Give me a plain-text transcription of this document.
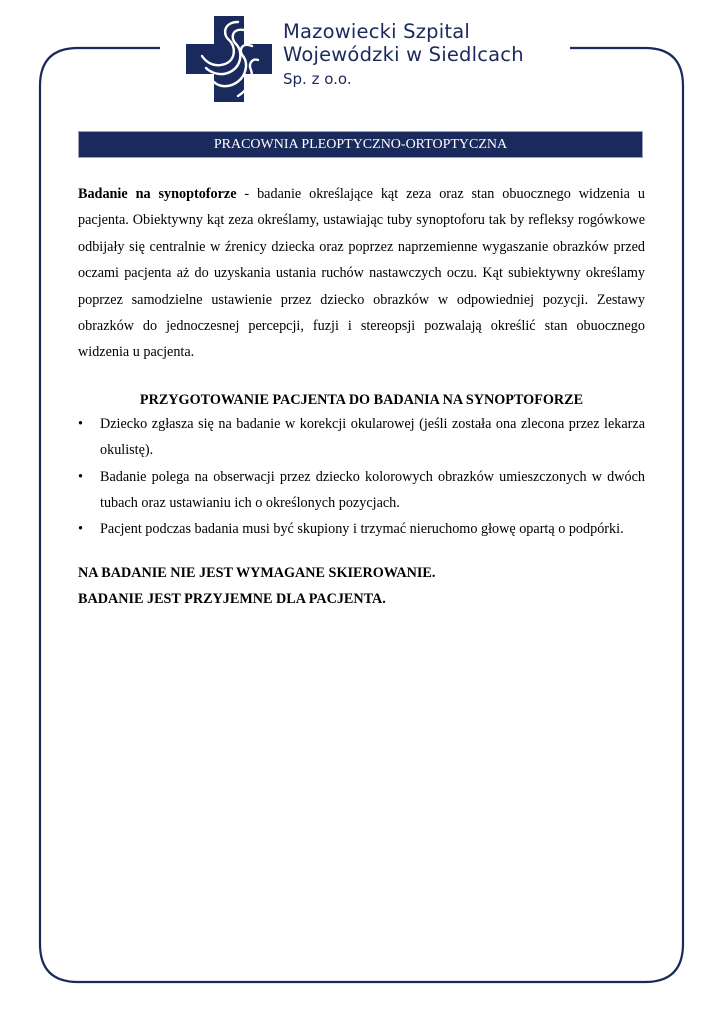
Mazowiecki Szpital
Wojewódzki w Siedlcach
Sp. z o.o.
PRACOWNIA PLEOPTYCZNO-ORTOPTYCZNA

Badanie na synoptoforze - badanie określające kąt zeza oraz stan obuocznego widzenia u pacjenta. Obiektywny kąt zeza określamy, ustawiając tuby synoptoforu tak by refleksy rogówkowe odbijały się centralnie w źrenicy dziecka oraz poprzez naprzemienne wygaszanie obrazków przed oczami pacjenta aż do uzyskania ustania ruchów nastawczych oczu. Kąt subiektywny określamy poprzez samodzielne ustawienie przez dziecko obrazków w odpowiedniej pozycji. Zestawy obrazków do jednoczesnej percepcji, fuzji i stereopsji pozwalają określić stan obuocznego widzenia u pacjenta.

PRZYGOTOWANIE PACJENTA DO BADANIA NA SYNOPTOFORZE
• Dziecko zgłasza się na badanie w korekcji okularowej (jeśli została ona zlecona przez lekarza okulistę).
• Badanie polega na obserwacji przez dziecko kolorowych obrazków umieszczonych w dwóch tubach oraz ustawianiu ich o określonych pozycjach.
• Pacjent podczas badania musi być skupiony i trzymać nieruchomo głowę opartą o podpórki.
NA BADANIE NIE JEST WYMAGANE SKIEROWANIE.
BADANIE JEST PRZYJEMNE DLA PACJENTA.
